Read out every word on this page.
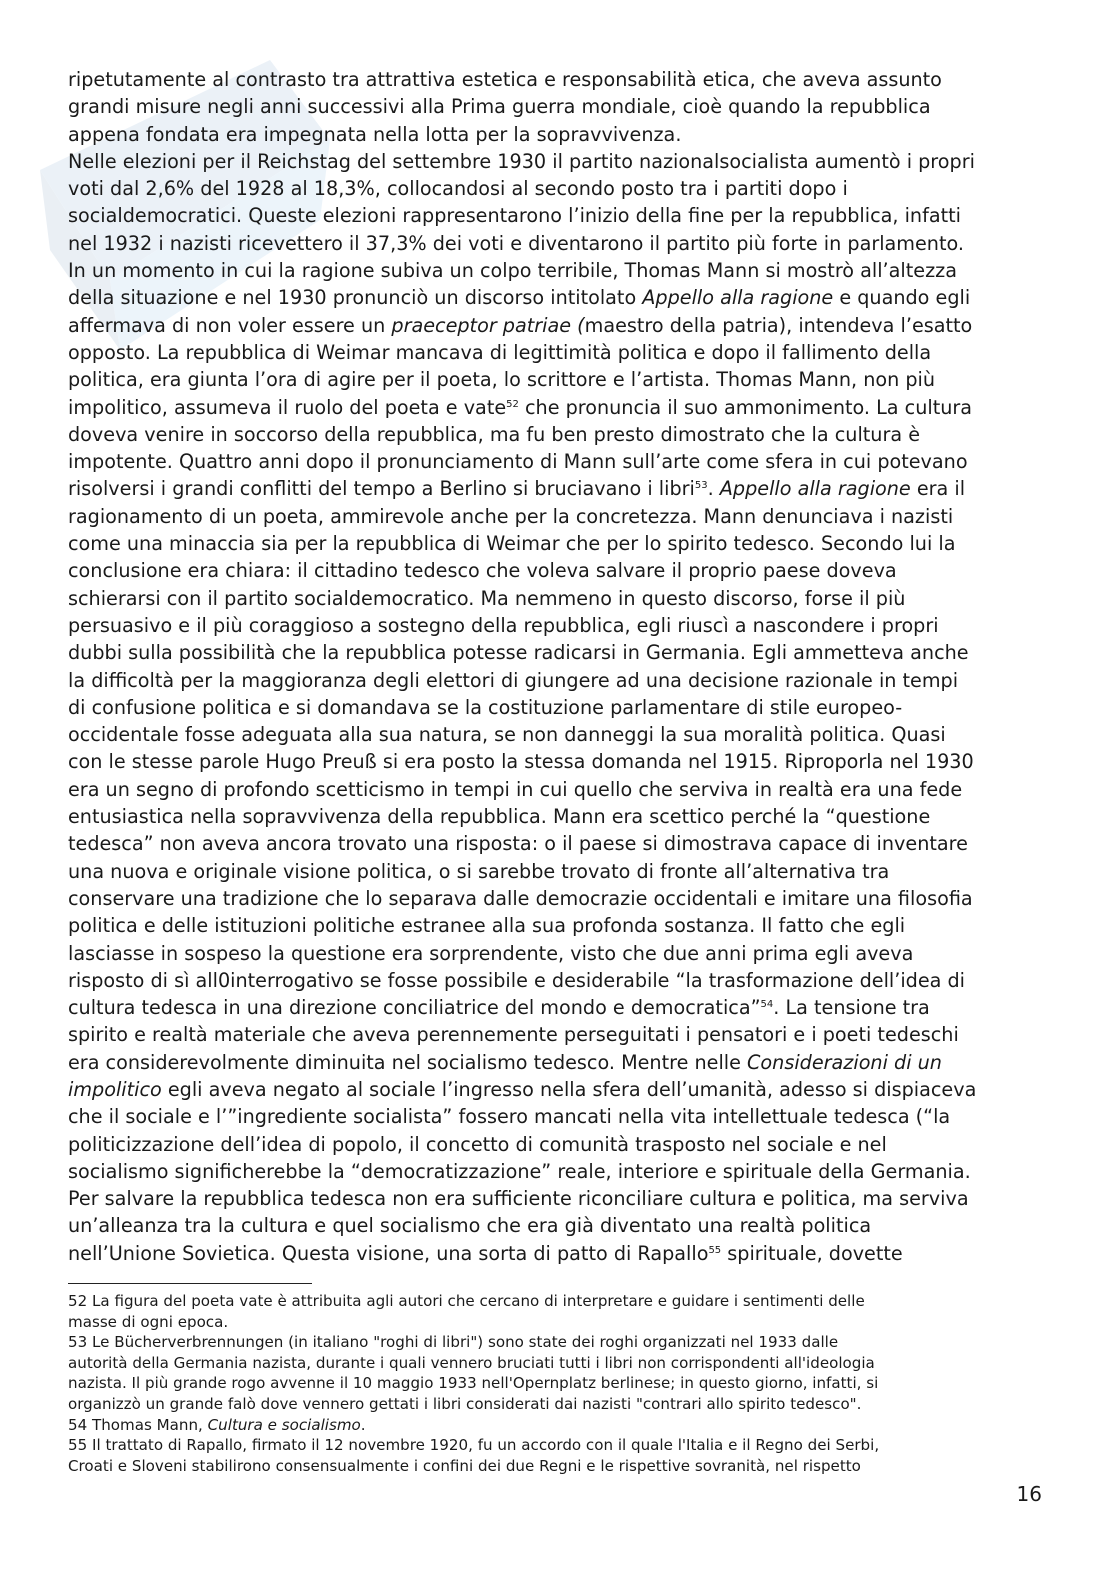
ripetutamente al contrasto tra attrattiva estetica e responsabilità etica, che aveva assunto
grandi misure negli anni successivi alla Prima guerra mondiale, cioè quando la repubblica
appena fondata era impegnata nella lotta per la sopravvivenza.
Nelle elezioni per il Reichstag del settembre 1930 il partito nazionalsocialista aumentò i propri
voti dal 2,6% del 1928 al 18,3%, collocandosi al secondo posto tra i partiti dopo i
socialdemocratici. Queste elezioni rappresentarono l’inizio della fine per la repubblica, infatti
nel 1932 i nazisti ricevettero il 37,3% dei voti e diventarono il partito più forte in parlamento.
In un momento in cui la ragione subiva un colpo terribile, Thomas Mann si mostrò all’altezza
della situazione e nel 1930 pronunciò un discorso intitolato Appello alla ragione e quando egli
affermava di non voler essere un praeceptor patriae (maestro della patria), intendeva l’esatto
opposto. La repubblica di Weimar mancava di legittimità politica e dopo il fallimento della
politica, era giunta l’ora di agire per il poeta, lo scrittore e l’artista. Thomas Mann, non più
impolitico, assumeva il ruolo del poeta e vate$^{52}$ che pronuncia il suo ammonimento. La cultura
doveva venire in soccorso della repubblica, ma fu ben presto dimostrato che la cultura è
impotente. Quattro anni dopo il pronunciamento di Mann sull’arte come sfera in cui potevano
risolversi i grandi conflitti del tempo a Berlino si bruciavano i libri$^{53}$. Appello alla ragione era il
ragionamento di un poeta, ammirevole anche per la concretezza. Mann denunciava i nazisti
come una minaccia sia per la repubblica di Weimar che per lo spirito tedesco. Secondo lui la
conclusione era chiara: il cittadino tedesco che voleva salvare il proprio paese doveva
schierarsi con il partito socialdemocratico. Ma nemmeno in questo discorso, forse il più
persuasivo e il più coraggioso a sostegno della repubblica, egli riuscì a nascondere i propri
dubbi sulla possibilità che la repubblica potesse radicarsi in Germania. Egli ammetteva anche
la difficoltà per la maggioranza degli elettori di giungere ad una decisione razionale in tempi
di confusione politica e si domandava se la costituzione parlamentare di stile europeo-
occidentale fosse adeguata alla sua natura, se non danneggi la sua moralità politica. Quasi
con le stesse parole Hugo Preuß si era posto la stessa domanda nel 1915. Riproporla nel 1930
era un segno di profondo scetticismo in tempi in cui quello che serviva in realtà era una fede
entusiastica nella sopravvivenza della repubblica. Mann era scettico perché la “questione
tedesca” non aveva ancora trovato una risposta: o il paese si dimostrava capace di inventare
una nuova e originale visione politica, o si sarebbe trovato di fronte all’alternativa tra
conservare una tradizione che lo separava dalle democrazie occidentali e imitare una filosofia
politica e delle istituzioni politiche estranee alla sua profonda sostanza. Il fatto che egli
lasciasse in sospeso la questione era sorprendente, visto che due anni prima egli aveva
risposto di sì all0interrogativo se fosse possibile e desiderabile “la trasformazione dell’idea di
cultura tedesca in una direzione conciliatrice del mondo e democratica”$^{54}$. La tensione tra
spirito e realtà materiale che aveva perennemente perseguitati i pensatori e i poeti tedeschi
era considerevolmente diminuita nel socialismo tedesco. Mentre nelle Considerazioni di un
impolitico egli aveva negato al sociale l’ingresso nella sfera dell’umanità, adesso si dispiaceva
che il sociale e l’”ingrediente socialista” fossero mancati nella vita intellettuale tedesca (“la
politicizzazione dell’idea di popolo, il concetto di comunità trasposto nel sociale e nel
socialismo significherebbe la “democratizzazione” reale, interiore e spirituale della Germania.
Per salvare la repubblica tedesca non era sufficiente riconciliare cultura e politica, ma serviva
un’alleanza tra la cultura e quel socialismo che era già diventato una realtà politica
nell’Unione Sovietica. Questa visione, una sorta di patto di Rapallo$^{55}$ spirituale, dovette
52 La figura del poeta vate è attribuita agli autori che cercano di interpretare e guidare i sentimenti delle
masse di ogni epoca.
53 Le Bücherverbrennungen (in italiano "roghi di libri") sono state dei roghi organizzati nel 1933 dalle
autorità della Germania nazista, durante i quali vennero bruciati tutti i libri non corrispondenti all'ideologia
nazista. Il più grande rogo avvenne il 10 maggio 1933 nell'Opernplatz berlinese; in questo giorno, infatti, si
organizzò un grande falò dove vennero gettati i libri considerati dai nazisti "contrari allo spirito tedesco".
54 Thomas Mann, Cultura e socialismo.
55 Il trattato di Rapallo, firmato il 12 novembre 1920, fu un accordo con il quale l'Italia e il Regno dei Serbi,
Croati e Sloveni stabilirono consensualmente i confini dei due Regni e le rispettive sovranità, nel rispetto
16
